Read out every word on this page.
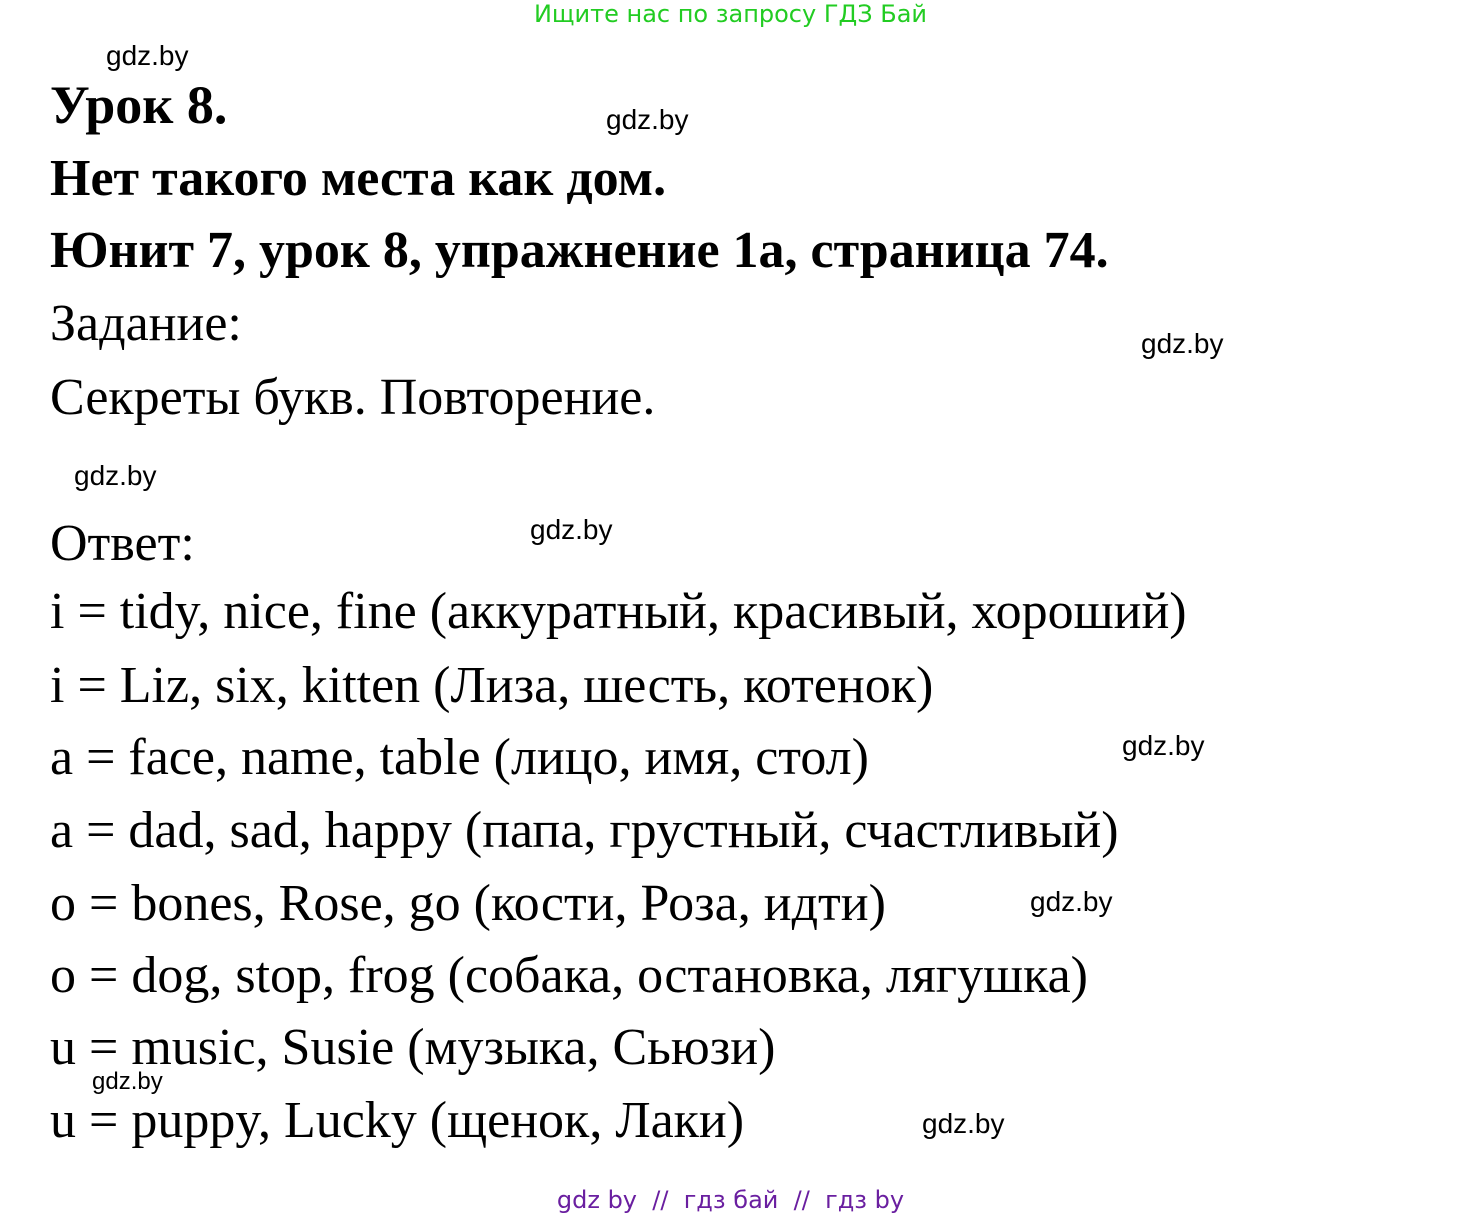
Ищите нас по запросу ГДЗ Бай
gdz.by
Урок 8.	gdz.by
Нет такого места как дом.
Юнит 7, урок 8, упражнение 1а, страница 74.
Задание:	gdz.by
Секреты букв. Повторение.
gdz.by
Ответ:	gdz.by
i = tidy, nice, fine (аккуратный, красивый, хороший)
i = Liz, six, kitten (Лиза, шесть, котенок)
a = face, name, table (лицо, имя, стол)	gdz.by
a = dad, sad, happy (папа, грустный, счастливый)
o = bones, Rose, go (кости, Роза, идти)	gdz.by
o = dog, stop, frog (собака, остановка, лягушка)
u = music, Susie (музыка, Сьюзи)
gdz.by
u = puppy, Lucky (щенок, Лаки)	gdz.by
gdz by  //  гдз бай  //  гдз by
